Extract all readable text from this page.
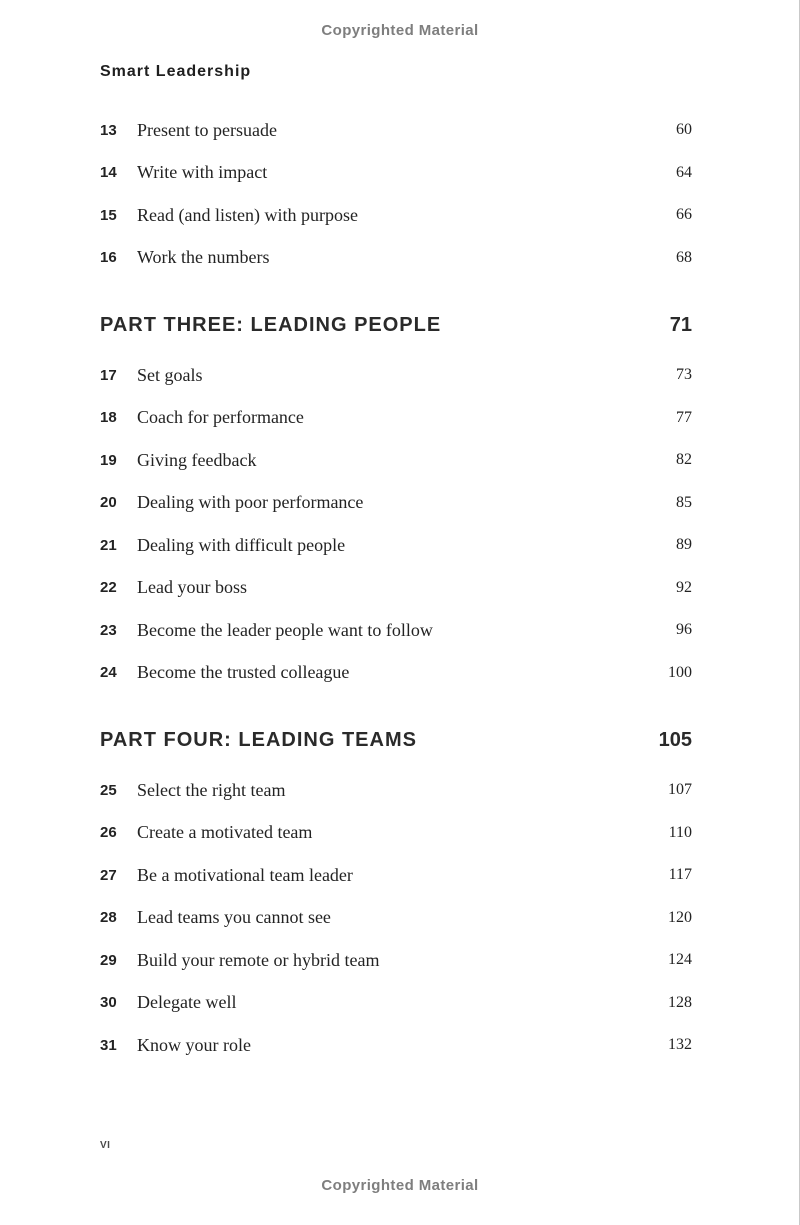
Copyrighted Material
Smart Leadership
13	Present to persuade	60
14	Write with impact	64
15	Read (and listen) with purpose	66
16	Work the numbers	68
PART THREE: LEADING PEOPLE	71
17	Set goals	73
18	Coach for performance	77
19	Giving feedback	82
20	Dealing with poor performance	85
21	Dealing with difficult people	89
22	Lead your boss	92
23	Become the leader people want to follow	96
24	Become the trusted colleague	100
PART FOUR: LEADING TEAMS	105
25	Select the right team	107
26	Create a motivated team	110
27	Be a motivational team leader	117
28	Lead teams you cannot see	120
29	Build your remote or hybrid team	124
30	Delegate well	128
31	Know your role	132
VI
Copyrighted Material
